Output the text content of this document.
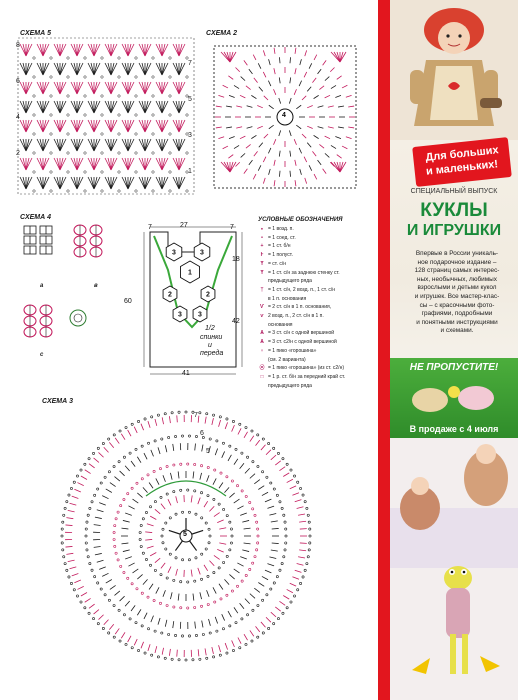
СХЕМА 5	СХЕМА 2
СХЕМА 4
СХЕМА 3
8
6
4
2
7
5
3
1
4
a	в
с
3	3
1
2	2
3 3
7	27	7
18
42
60
41
1/2
спинки
и
переда
УСЛОВНЫЕ ОБОЗНАЧЕНИЯ
∘ = 1 возд. п.
• = 1 соед. ст.
+ = 1 ст. б/н
Ⱶ = 1 полуст.
Ŧ = ст. с/н
Ŧ = 1 ст. с/н за заднюю стенку ст.
предыдущего ряда
ᛉ = 1 ст. с/н, 2 возд. п., 1 ст. с/н
в 1 п. основания
Ѵ = 2 ст. с/н в 1 п. основания,
ѵ 2 возд. п., 2 ст. с/н в 1 п.
основания
Ѧ = 3 ст. с/н с одной вершиной
Ѧ = 3 ст. с2/н с одной вершиной
♆ = 1 пико «горошина»
(см. 2 варианта)
⦿ = 1 пико «горошина» (из ст. с2/н)
□ = 1 р. ст. б/н за передний край ст.
предыдущего ряда
5
7
6
5
Для больших
и маленьких!
СПЕЦИАЛЬНЫЙ ВЫПУСК
КУКЛЫ
И ИГРУШКИ
Впервые в России уникаль-
ное подарочное издание –
128 страниц самых интерес-
ных, необычных, любимых
взрослыми и детьми кукол
и игрушек. Все мастер-клас-
сы – с красочными фото-
графиями, подробными
и понятными инструкциями
и схемами.
НЕ ПРОПУСТИТЕ!
В продаже с 4 июля
